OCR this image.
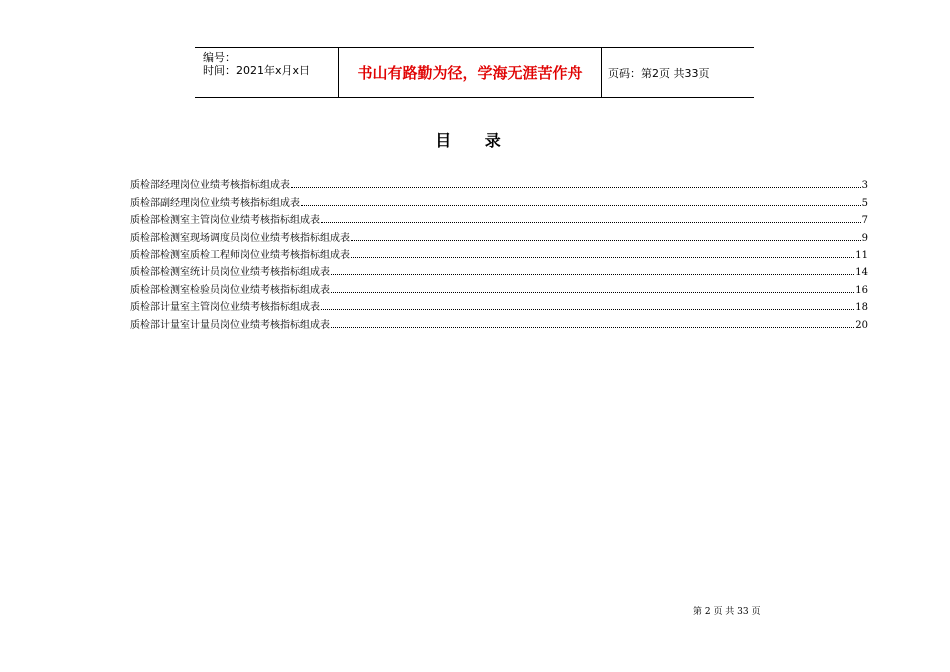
编号：
时间：2021年x月x日	书山有路勤为径，学海无涯苦作舟	页码：第2页 共33页
目 录
质检部经理岗位业绩考核指标组成表	3
质检部副经理岗位业绩考核指标组成表	5
质检部检测室主管岗位业绩考核指标组成表	7
质检部检测室现场调度员岗位业绩考核指标组成表	9
质检部检测室质检工程师岗位业绩考核指标组成表	11
质检部检测室统计员岗位业绩考核指标组成表	14
质检部检测室检验员岗位业绩考核指标组成表	16
质检部计量室主管岗位业绩考核指标组成表	18
质检部计量室计量员岗位业绩考核指标组成表	20
第 2 页 共 33 页
